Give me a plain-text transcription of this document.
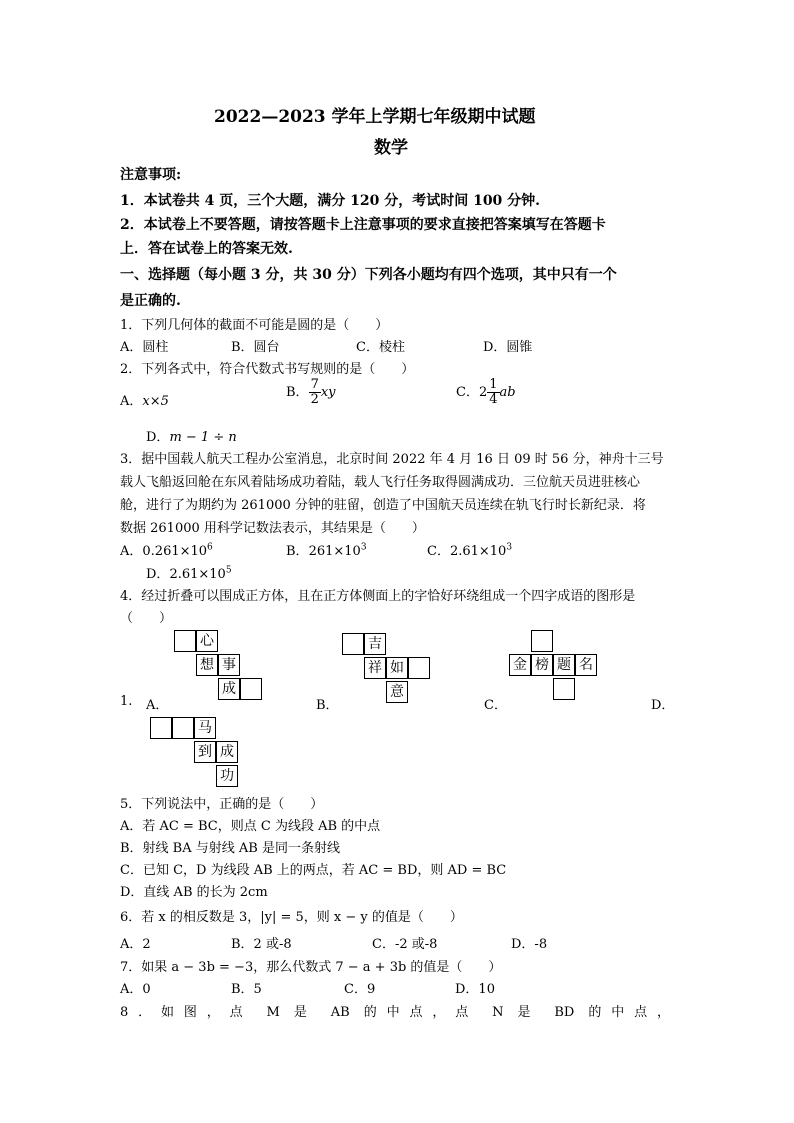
2022—2023 学年上学期七年级期中试题
数学
注意事项:
1．本试卷共 4 页，三个大题，满分 120 分，考试时间 100 分钟.
2．本试卷上不要答题，请按答题卡上注意事项的要求直接把答案填写在答题卡
上．答在试卷上的答案无效.
一、选择题（每小题 3 分，共 30 分）下列各小题均有四个选项，其中只有一个
是正确的.
1．下列几何体的截面不可能是圆的是（　　）
A．圆柱	B．圆台	C．棱柱	D．圆锥
2．下列各式中，符合代数式书写规则的是（　　）
A．x×5
B． $\frac{7}{2}$ xy	C．$2 \frac{1}{4}$ ab
D．m − 1 ÷ n
3．据中国载人航天工程办公室消息，北京时间 2022 年 4 月 16 日 09 时 56 分，神舟十三号
载人飞船返回舱在东风着陆场成功着陆，载人飞行任务取得圆满成功．三位航天员进驻核心
舱，进行了为期约为 261000 分钟的驻留，创造了中国航天员连续在轨飞行时长新纪录．将
数据 261000 用科学记数法表示，其结果是（　　）
A．$0.261\times 10^6$	B．$261\times 10^3$	C．$2.61\times 10^3$
D．$2.61\times 10^5$
4．经过折叠可以围成正方体，且在正方体侧面上的字恰好环绕组成一个四字成语的图形是
（　　）
心
想 事
成
吉
祥 如
意
金 榜 题 名
1. A．	B．	C．	D．
马
到 成
功
5．下列说法中，正确的是（　　）
A．若 AC = BC，则点 C 为线段 AB 的中点
B．射线 BA 与射线 AB 是同一条射线
C．已知 C，D 为线段 AB 上的两点，若 AC = BD，则 AD = BC
D．直线 AB 的长为 2cm
6．若 x 的相反数是 3，|y| = 5，则 x − y 的值是（　　）
A．2	B．2 或-8	C．-2 或-8	D．-8
7．如果 a − 3b = −3，那么代数式 7 − a + 3b 的值是（　　）
A．0	B．5	C．9	D．10
8．如图，点 M 是 AB 的中点，点 N 是 BD 的中点，
